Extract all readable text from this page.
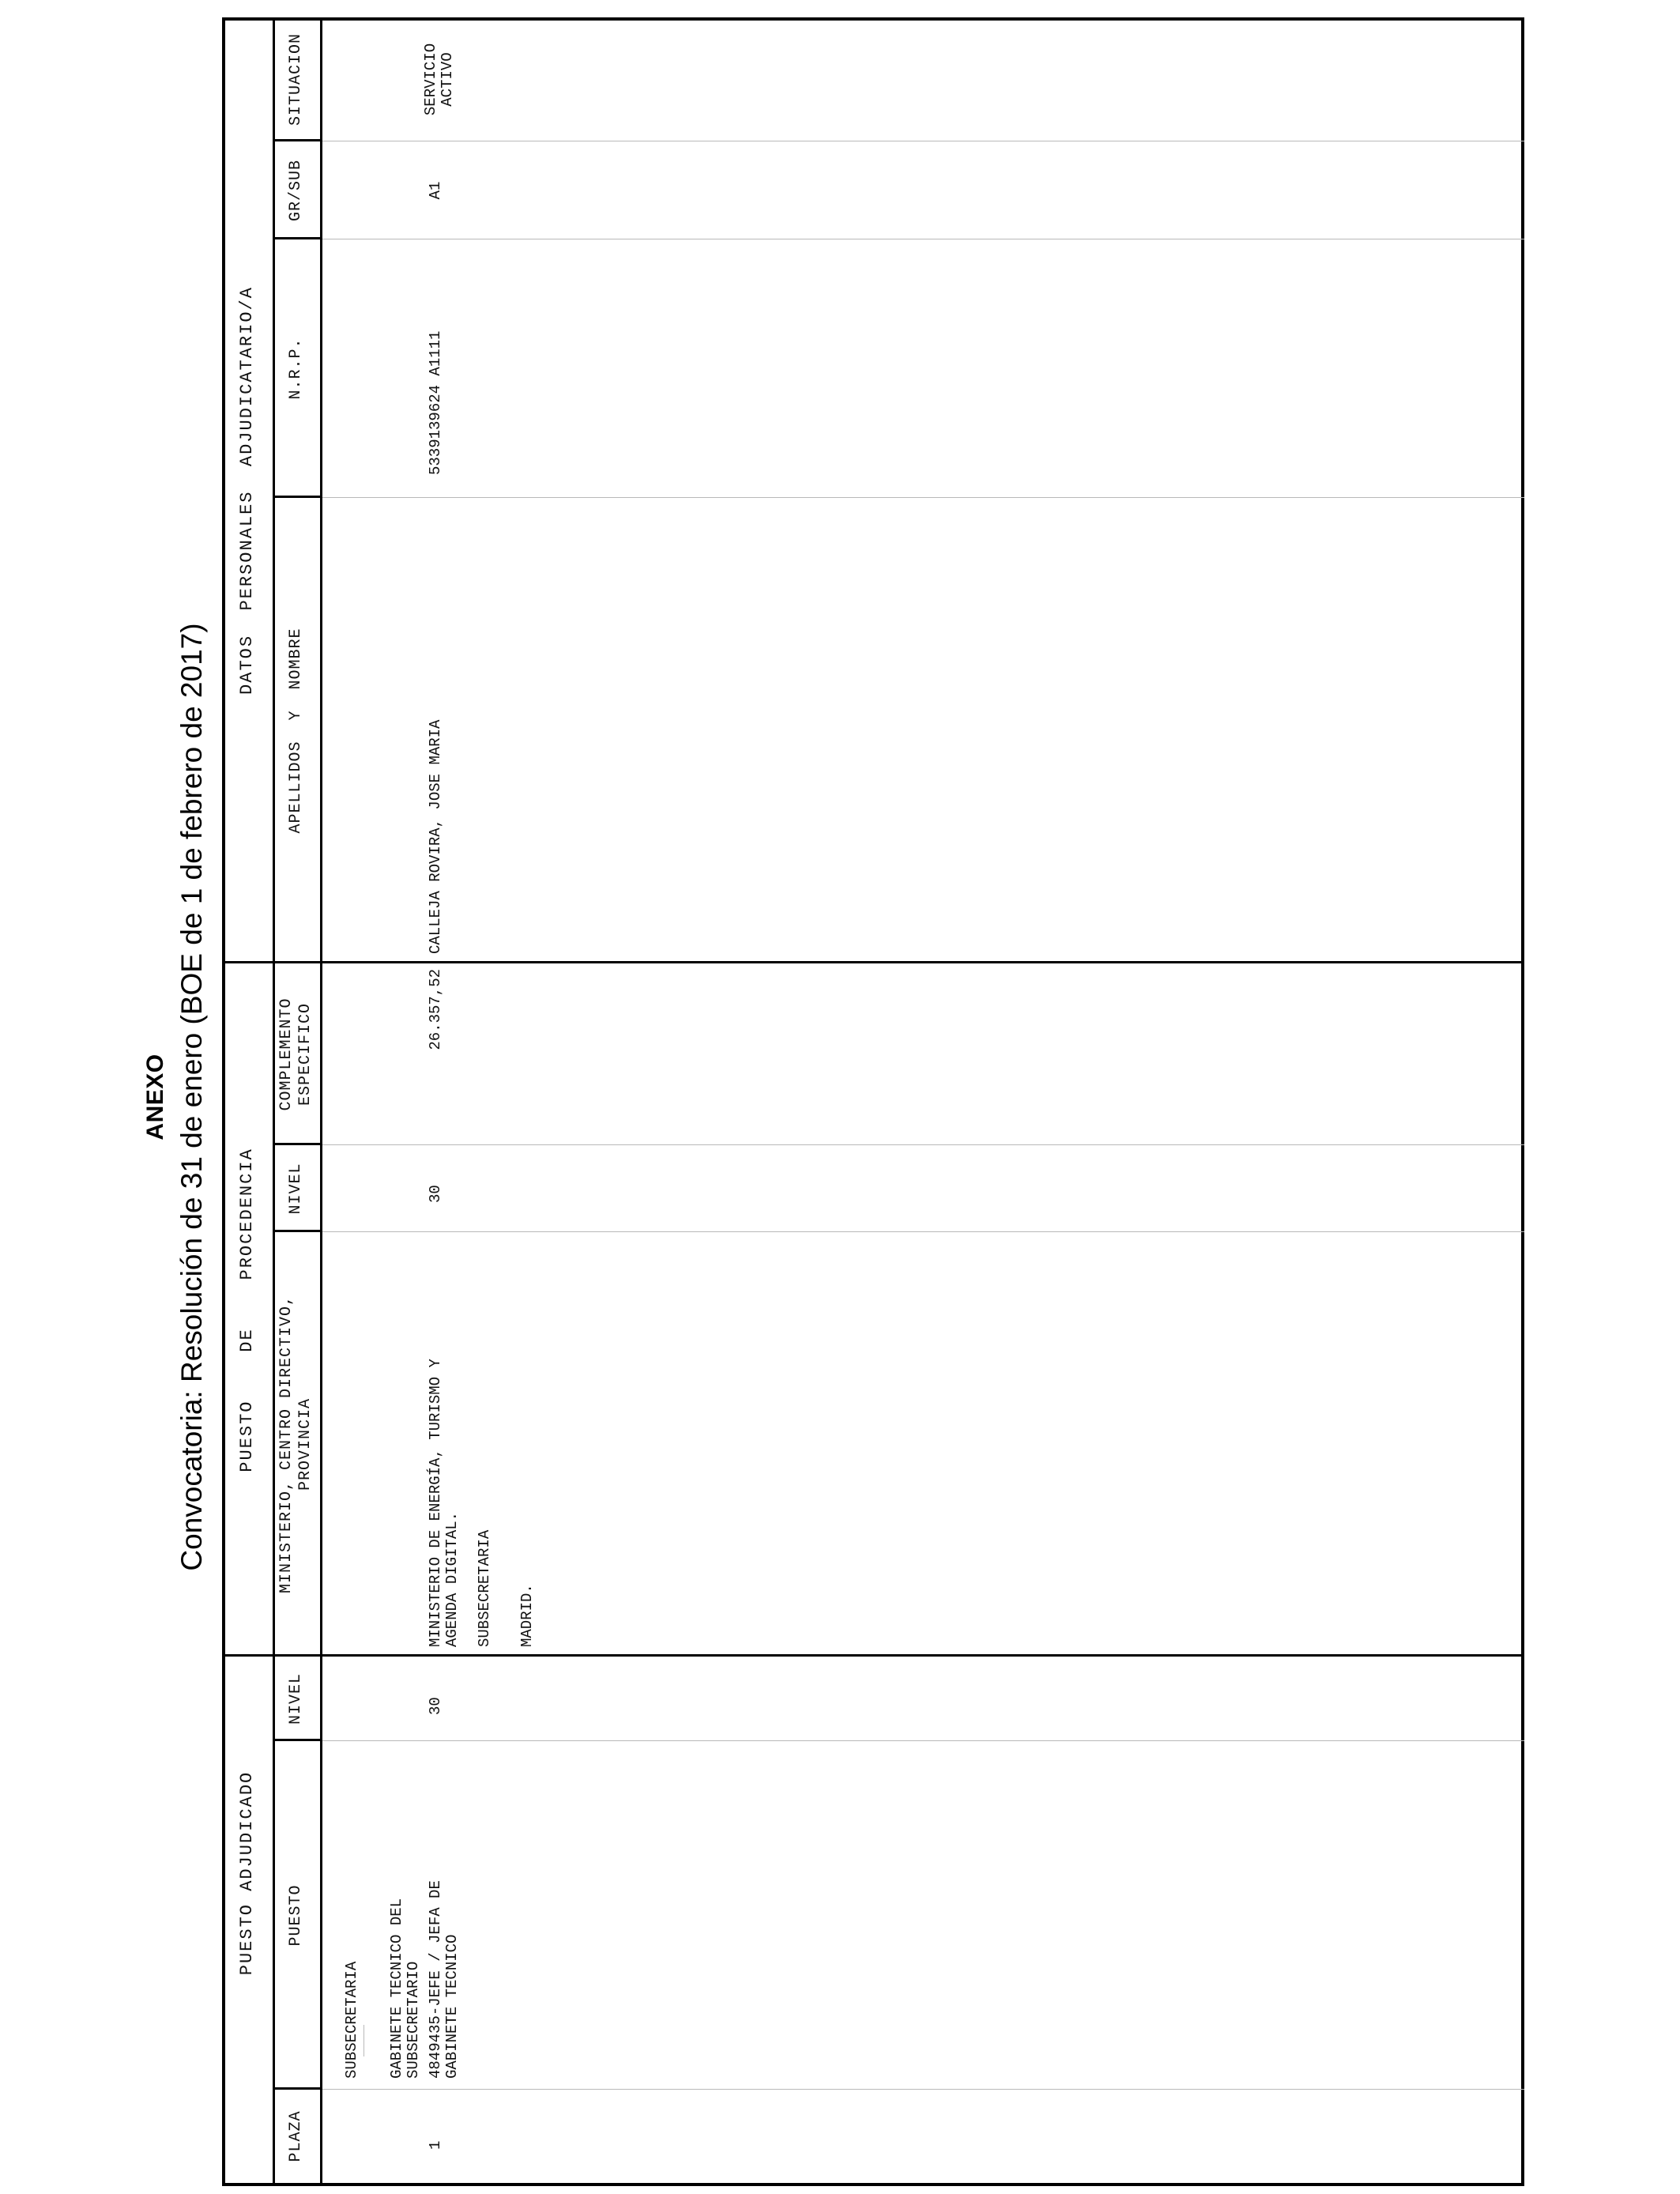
ANEXO Convocatoria: Resolución de 31 de enero (BOE de 1 de febrero de 2017)
PUESTO ADJUDICADO
PUESTO    DE    PROCEDENCIA
DATOS  PERSONALES  ADJUDICATARIO/A
PLAZA
PUESTO
NIVEL
MINISTERIO, CENTRO DIRECTIVO,
PROVINCIA
NIVEL
COMPLEMENTO
ESPECIFICO
APELLIDOS  Y  NOMBRE
N.R.P.
GR/SUB
SITUACION
SUBSECRETARIA GABINETE TECNICO DEL
SUBSECRETARIO
1
4849435-JEFE / JEFA DE
GABINETE TECNICO
30
MINISTERIO DE ENERGÍA, TURISMO Y
AGENDA DIGITAL. SUBSECRETARIA MADRID.
30
26.357,52
CALLEJA ROVIRA, JOSE MARIA
5339139624 A1111
A1
SERVICIO
ACTIVO
